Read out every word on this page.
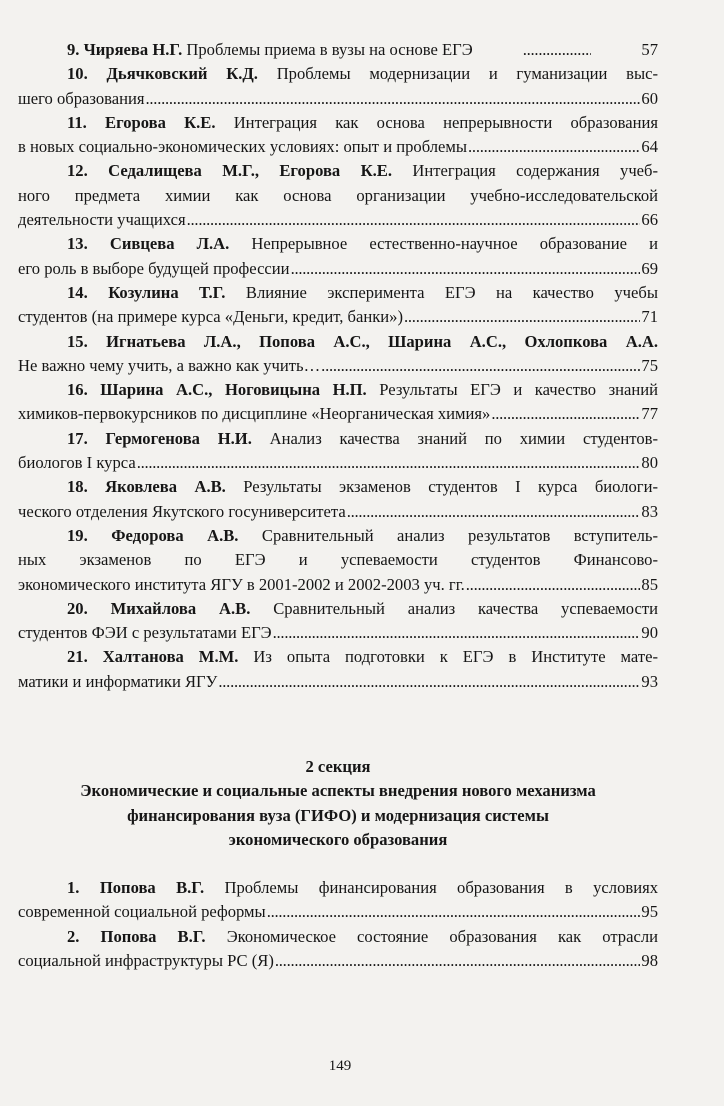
9. Чиряева Н.Г. Проблемы приема в вузы на основе ЕГЭ . . .	57
10. Дьячковский К.Д. Проблемы модернизации и гуманизации выс-
шего образования . . .	60
11. Егорова К.Е. Интеграция как основа непрерывности образования
в новых социально-экономических условиях: опыт и проблемы . . .	64
12. Седалищева М.Г., Егорова К.Е. Интеграция содержания учеб-
ного предмета химии как основа организации учебно-исследовательской
деятельности учащихся . . .	66
13. Сивцева Л.А. Непрерывное естественно-научное образование и
его роль в выборе будущей профессии . . .	69
14. Козулина Т.Г. Влияние эксперимента ЕГЭ на качество учебы
студентов (на примере курса «Деньги, кредит, банки») . . .	71
15. Игнатьева Л.А., Попова А.С., Шарина А.С., Охлопкова А.А.
Не важно чему учить, а важно как учить… . . .	75
16. Шарина А.С., Ноговицына Н.П. Результаты ЕГЭ и качество знаний
химиков-первокурсников по дисциплине «Неорганическая химия» . . .	77
17. Гермогенова Н.И. Анализ качества знаний по химии студентов-
биологов I курса . . .	80
18. Яковлева А.В. Результаты экзаменов студентов I курса биологи-
ческого отделения Якутского госуниверситета . . .	83
19. Федорова А.В. Сравнительный анализ результатов вступитель-
ных экзаменов по ЕГЭ и успеваемости студентов Финансово-
экономического института ЯГУ в 2001-2002 и 2002-2003 уч. гг. . . .	85
20. Михайлова А.В. Сравнительный анализ качества успеваемости
студентов ФЭИ с результатами ЕГЭ . . .	90
21. Халтанова М.М. Из опыта подготовки к ЕГЭ в Институте мате-
матики и информатики ЯГУ . . .	93
2 секция
Экономические и социальные аспекты внедрения нового механизма
финансирования вуза (ГИФО) и модернизация системы
экономического образования
1. Попова В.Г. Проблемы финансирования образования в условиях
современной социальной реформы . . .	95
2. Попова В.Г. Экономическое состояние образования как отрасли
социальной инфраструктуры РС (Я) . . .	98
149
